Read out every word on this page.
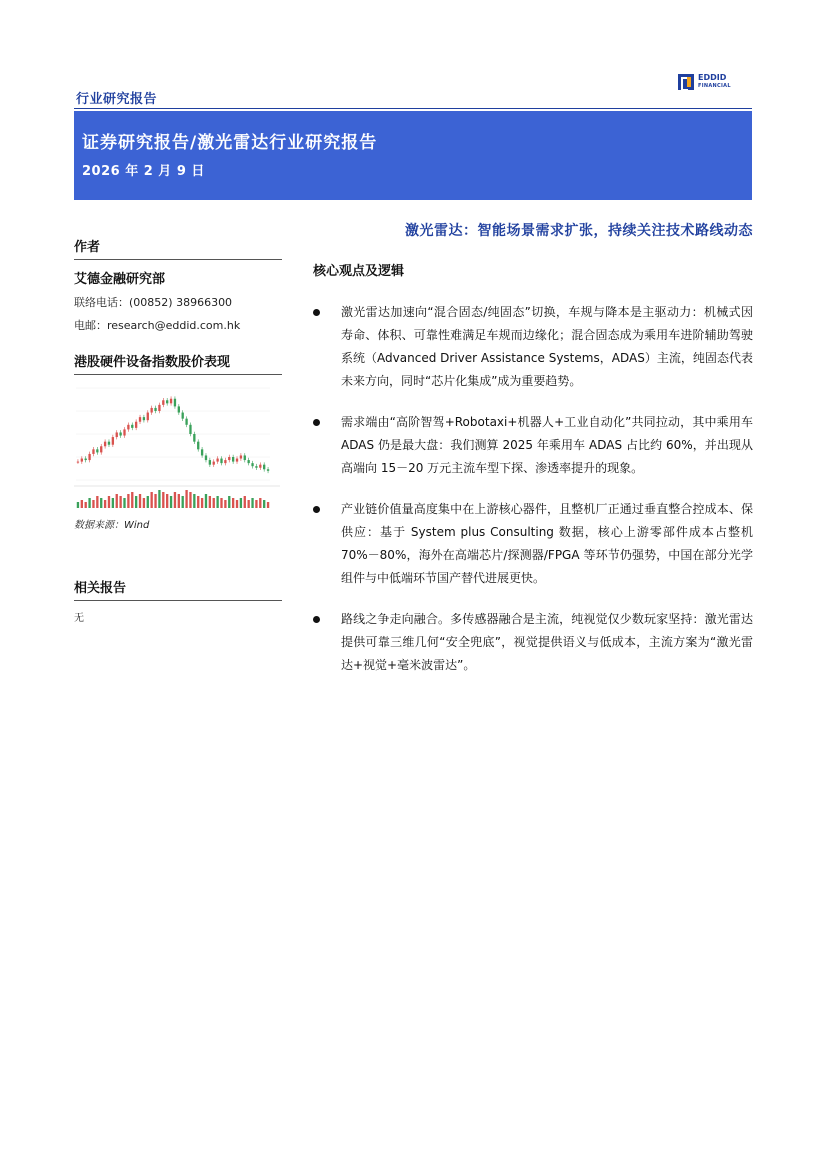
行业研究报告
EDDID
FINANCIAL
证券研究报告/激光雷达行业研究报告
2026 年 2 月 9 日
作者
艾德金融研究部
联络电话：(00852) 38966300
电邮：research@eddid.com.hk
港股硬件设备指数股价表现
数据来源：Wind
相关报告
无
激光雷达：智能场景需求扩张，持续关注技术路线动态
核心观点及逻辑
激光雷达加速向“混合固态/纯固态”切换，车规与降本是主驱动力：机械式因寿命、体积、可靠性难满足车规而边缘化；混合固态成为乘用车进阶辅助驾驶系统（Advanced Driver Assistance Systems，ADAS）主流，纯固态代表未来方向，同时“芯片化集成”成为重要趋势。
需求端由“高阶智驾+Robotaxi+机器人+工业自动化”共同拉动，其中乘用车 ADAS 仍是最大盘：我们测算 2025 年乘用车 ADAS 占比约 60%，并出现从高端向 15－20 万元主流车型下探、渗透率提升的现象。
产业链价值量高度集中在上游核心器件，且整机厂正通过垂直整合控成本、保供应：基于 System plus Consulting 数据，核心上游零部件成本占整机 70%－80%，海外在高端芯片/探测器/FPGA 等环节仍强势，中国在部分光学组件与中低端环节国产替代进展更快。
路线之争走向融合。多传感器融合是主流，纯视觉仅少数玩家坚持：激光雷达提供可靠三维几何“安全兜底”，视觉提供语义与低成本，主流方案为“激光雷达+视觉+毫米波雷达”。
